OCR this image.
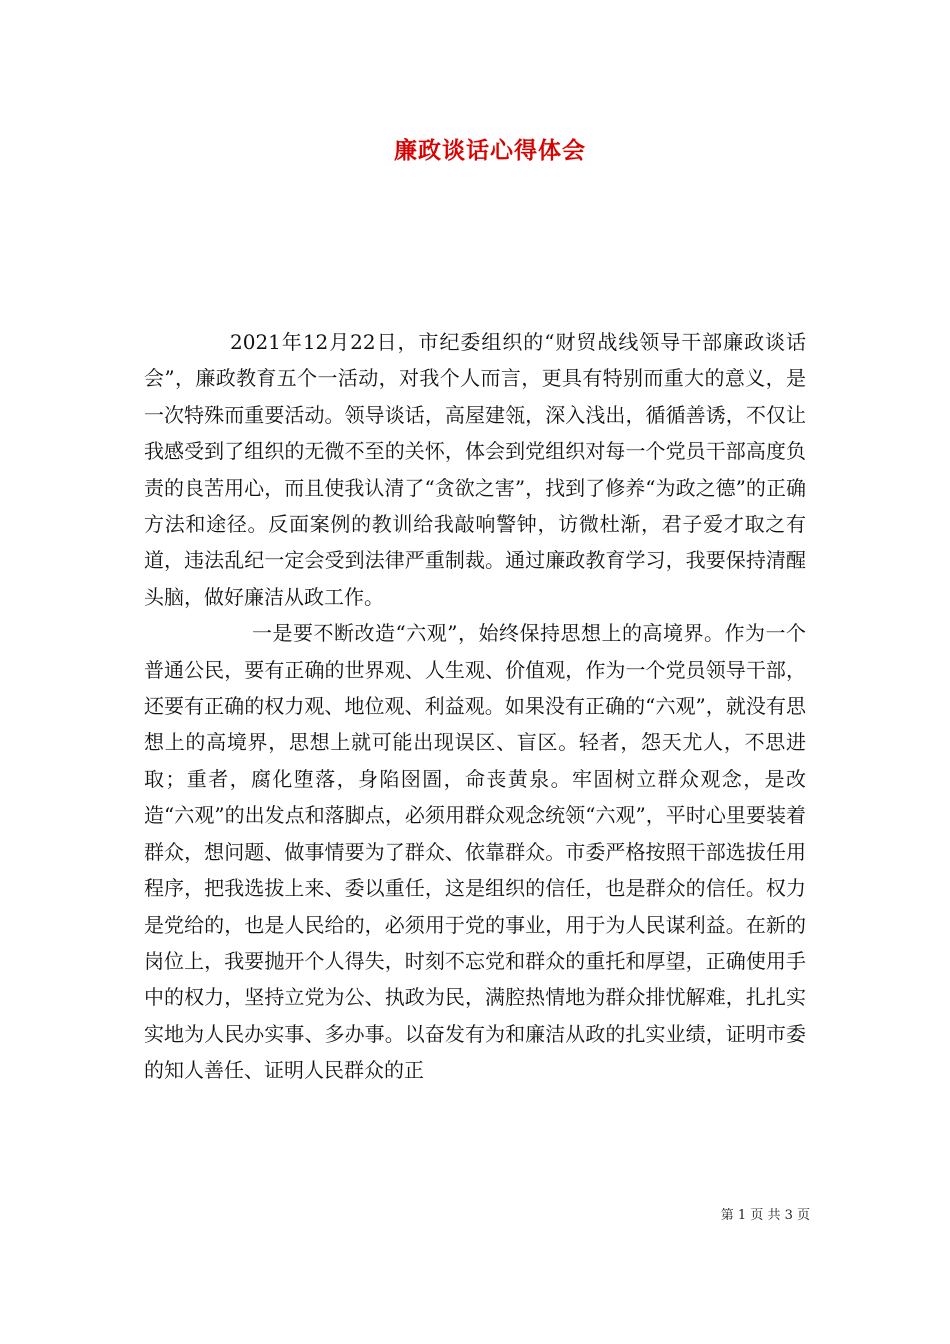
廉政谈话心得体会

2021年12月22日，市纪委组织的“财贸战线领导干部廉政谈话会”，廉政教育五个一活动，对我个人而言，更具有特别而重大的意义，是一次特殊而重要活动。领导谈话，高屋建瓴，深入浅出，循循善诱，不仅让我感受到了组织的无微不至的关怀，体会到党组织对每一个党员干部高度负责的良苦用心，而且使我认清了“贪欲之害”，找到了修养“为政之德”的正确方法和途径。反面案例的教训给我敲响警钟，访微杜渐，君子爱才取之有道，违法乱纪一定会受到法律严重制裁。通过廉政教育学习，我要保持清醒头脑，做好廉洁从政工作。

一是要不断改造“六观”，始终保持思想上的高境界。作为一个普通公民，要有正确的世界观、人生观、价值观，作为一个党员领导干部，还要有正确的权力观、地位观、利益观。如果没有正确的“六观”，就没有思想上的高境界，思想上就可能出现误区、盲区。轻者，怨天尤人，不思进取；重者，腐化堕落，身陷囹圄，命丧黄泉。牢固树立群众观念，是改造“六观”的出发点和落脚点，必须用群众观念统领“六观”，平时心里要装着群众，想问题、做事情要为了群众、依靠群众。市委严格按照干部选拔任用程序，把我选拔上来、委以重任，这是组织的信任，也是群众的信任。权力是党给的，也是人民给的，必须用于党的事业，用于为人民谋利益。在新的岗位上，我要抛开个人得失，时刻不忘党和群众的重托和厚望，正确使用手中的权力，坚持立党为公、执政为民，满腔热情地为群众排忧解难，扎扎实实地为人民办实事、多办事。以奋发有为和廉洁从政的扎实业绩，证明市委的知人善任、证明人民群众的正

第 1 页 共 3 页
